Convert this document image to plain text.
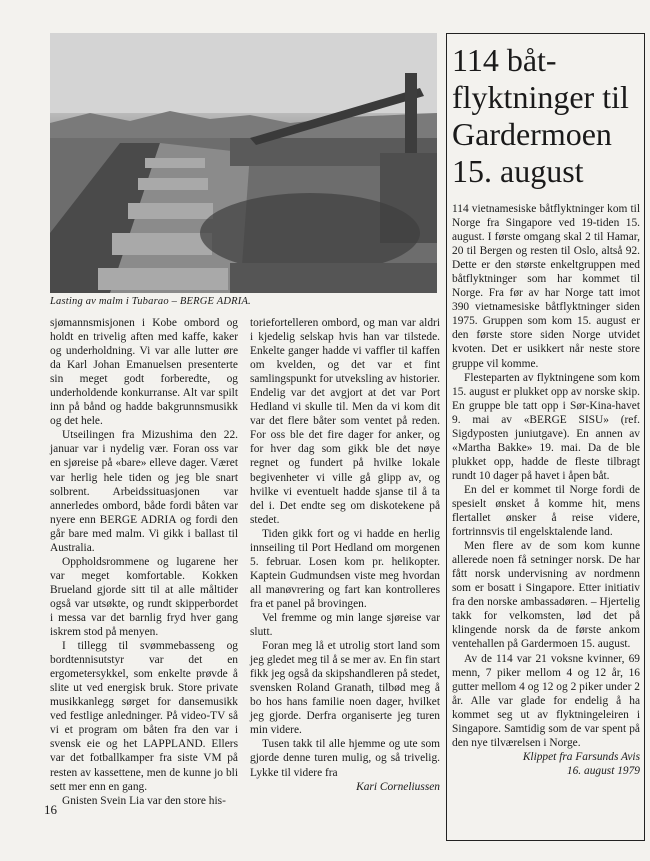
Lasting av malm i Tubarao – BERGE ADRIA.

sjømannsmisjonen i Kobe ombord og holdt en trivelig aften med kaffe, kaker og underholdning. Vi var alle lutter øre da Karl Johan Emanuelsen presenterte sin meget godt forberedte, og underholdende konkurranse. Alt var spilt inn på bånd og hadde bakgrunnsmusikk og det hele.

Utseilingen fra Mizushima den 22. januar var i nydelig vær. Foran oss var en sjøreise på «bare» elleve dager. Været var herlig hele tiden og jeg ble snart solbrent. Arbeidssituasjonen var annerledes ombord, både fordi båten var nyere enn BERGE ADRIA og fordi den går bare med malm. Vi gikk i ballast til Australia.

Oppholdsrommene og lugarene her var meget komfortable. Kokken Brueland gjorde sitt til at alle måltider også var utsøkte, og rundt skipperbordet i messa var det barnlig fryd hver gang iskrem stod på menyen.

I tillegg til svømmebasseng og bordtennisutstyr var det en ergometersykkel, som enkelte prøvde å slite ut ved energisk bruk. Store private musikkanlegg sørget for dansemusikk ved festlige anledninger. På video-TV så vi et program om båten fra den var i svensk eie og het LAPPLAND. Ellers var det fotballkamper fra siste VM på resten av kassettene, men de kunne jo bli sett mer enn en gang.

Gnisten Svein Lia var den store his-

toriefortelleren ombord, og man var aldri i kjedelig selskap hvis han var tilstede. Enkelte ganger hadde vi vaffler til kaffen om kvelden, og det var et fint samlingspunkt for utveksling av historier. Endelig var det avgjort at det var Port Hedland vi skulle til. Men da vi kom dit var det flere båter som ventet på reden. For oss ble det fire dager for anker, og for hver dag som gikk ble det nøye regnet og fundert på hvilke lokale begivenheter vi ville gå glipp av, og hvilke vi eventuelt hadde sjanse til å ta del i. Det endte seg om diskotekene på stedet.

Tiden gikk fort og vi hadde en herlig innseiling til Port Hedland om morgenen 5. februar. Losen kom pr. helikopter. Kaptein Gudmundsen viste meg hvordan all manøvrering og fart kan kontrolleres fra et panel på brovingen.

Vel fremme og min lange sjøreise var slutt.

Foran meg lå et utrolig stort land som jeg gledet meg til å se mer av. En fin start fikk jeg også da skipshandleren på stedet, svensken Roland Granath, tilbød meg å bo hos hans familie noen dager, hvilket jeg gjorde. Derfra organiserte jeg turen min videre.

Tusen takk til alle hjemme og ute som gjorde denne turen mulig, og så trivelig. Lykke til videre fra

Kari Corneliussen

114 båt-flyktninger til Gardermoen 15. august

114 vietnamesiske båtflyktninger kom til Norge fra Singapore ved 19-tiden 15. august. I første omgang skal 2 til Hamar, 20 til Bergen og resten til Oslo, altså 92. Dette er den største enkeltgruppen med båtflyktninger som har kommet til Norge. Fra før av har Norge tatt imot 390 vietnamesiske båtflyktninger siden 1975. Gruppen som kom 15. august er den første store siden Norge utvidet kvoten. Det er usikkert når neste store gruppe vil komme.

Flesteparten av flyktningene som kom 15. august er plukket opp av norske skip. En gruppe ble tatt opp i Sør-Kina-havet 9. mai av «BERGE SISU» (ref. Sigdyposten juniutgave). En annen av «Martha Bakke» 19. mai. Da de ble plukket opp, hadde de fleste tilbragt rundt 10 dager på havet i åpen båt.

En del er kommet til Norge fordi de spesielt ønsket å komme hit, mens flertallet ønsker å reise videre, fortrinnsvis til engelsktalende land.

Men flere av de som kom kunne allerede noen få setninger norsk. De har fått norsk undervisning av nordmenn som er bosatt i Singapore. Etter initiativ fra den norske ambassadøren. – Hjertelig takk for velkomsten, lød det på klingende norsk da de første ankom ventehallen på Gardermoen 15. august.

Av de 114 var 21 voksne kvinner, 69 menn, 7 piker mellom 4 og 12 år, 16 gutter mellom 4 og 12 og 2 piker under 2 år. Alle var glade for endelig å ha kommet seg ut av flyktningeleiren i Singapore. Samtidig som de var spent på den nye tilværelsen i Norge.

Klippet fra Farsunds Avis

16. august 1979

16
